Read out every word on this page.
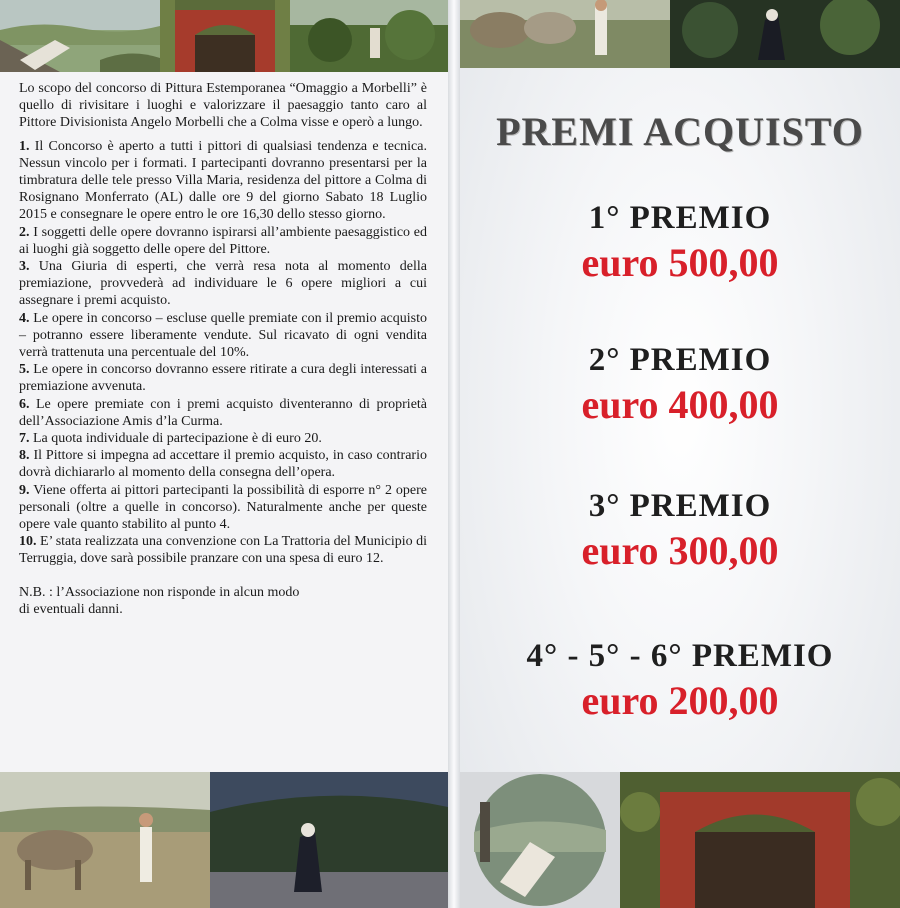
Lo scopo del concorso di Pittura Estemporanea “Omaggio a Morbelli” è quello di rivisitare i luoghi e valorizzare il paesaggio tanto caro al Pittore Divisionista Angelo Morbelli che a Colma visse e operò a lungo.

1. Il Concorso è aperto a tutti i pittori di qualsiasi tendenza e tecnica. Nessun vincolo per i formati. I partecipanti dovranno presentarsi per la timbratura delle tele presso Villa Maria, residenza del pittore a Colma di Rosignano Monferrato (AL) dalle ore 9 del giorno Sabato 18 Luglio 2015 e consegnare le opere entro le ore 16,30 dello stesso giorno.

2. I soggetti delle opere dovranno ispirarsi all’ambiente paesaggistico ed ai luoghi già soggetto delle opere del Pittore.

3. Una Giuria di esperti, che verrà resa nota al momento della premiazione, provvederà ad individuare le 6 opere migliori a cui assegnare i premi acquisto.

4. Le opere in concorso – escluse quelle premiate con il premio acquisto – potranno essere liberamente vendute. Sul ricavato di ogni vendita verrà trattenuta una percentuale del 10%.

5. Le opere in concorso dovranno essere ritirate a cura degli interessati a premiazione avvenuta.

6. Le opere premiate con i premi acquisto diventeranno di proprietà dell’Associazione Amis d’la Curma.

7. La quota individuale di partecipazione è di euro 20.

8. Il Pittore si impegna ad accettare il premio acquisto, in caso contrario dovrà dichiararlo al momento della consegna dell’opera.

9. Viene offerta ai pittori partecipanti la possibilità di esporre n° 2 opere personali (oltre a quelle in concorso). Naturalmente anche per queste opere vale quanto stabilito al punto 4.

10. E’ stata realizzata una convenzione con La Trattoria del Municipio di Terruggia, dove sarà possibile pranzare con una spesa di euro 12.

N.B. : l’Associazione non risponde in alcun modo di eventuali danni.

PREMI ACQUISTO
1° PREMIO
euro 500,00
2° PREMIO
euro 400,00
3° PREMIO
euro 300,00
4° - 5° - 6° PREMIO
euro 200,00
